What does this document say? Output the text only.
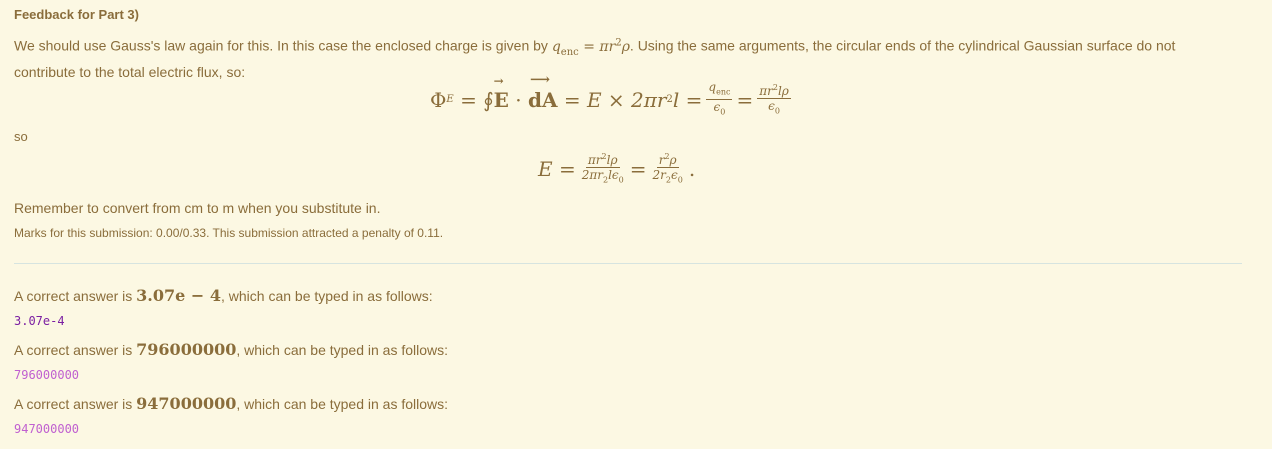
Feedback for Part 3)
We should use Gauss's law again for this. In this case the enclosed charge is given by $q_{enc} = \pi r^2\rho$. Using the same arguments, the circular ends of the cylindrical Gaussian surface do not contribute to the total electric flux, so:
Φ E
=
∮
→
E
·

⟶
dA
=
E
×
2πr 2 l
= $\frac{q_{enc}}{\epsilon_0} = \frac{\pi r^2l\rho}{\epsilon_0}$
so
E
= $\frac{\pi r^2l\rho}{2\pi r_2l\epsilon_0} = \frac{r^2\rho}{2r_2\epsilon_0}$ .
Remember to convert from cm to m when you substitute in.
Marks for this submission: 0.00/0.33. This submission attracted a penalty of 0.11.
A correct answer is 3.07e − 4, which can be typed in as follows:
3.07e-4
A correct answer is 796000000, which can be typed in as follows:
796000000
A correct answer is 947000000, which can be typed in as follows:
947000000
